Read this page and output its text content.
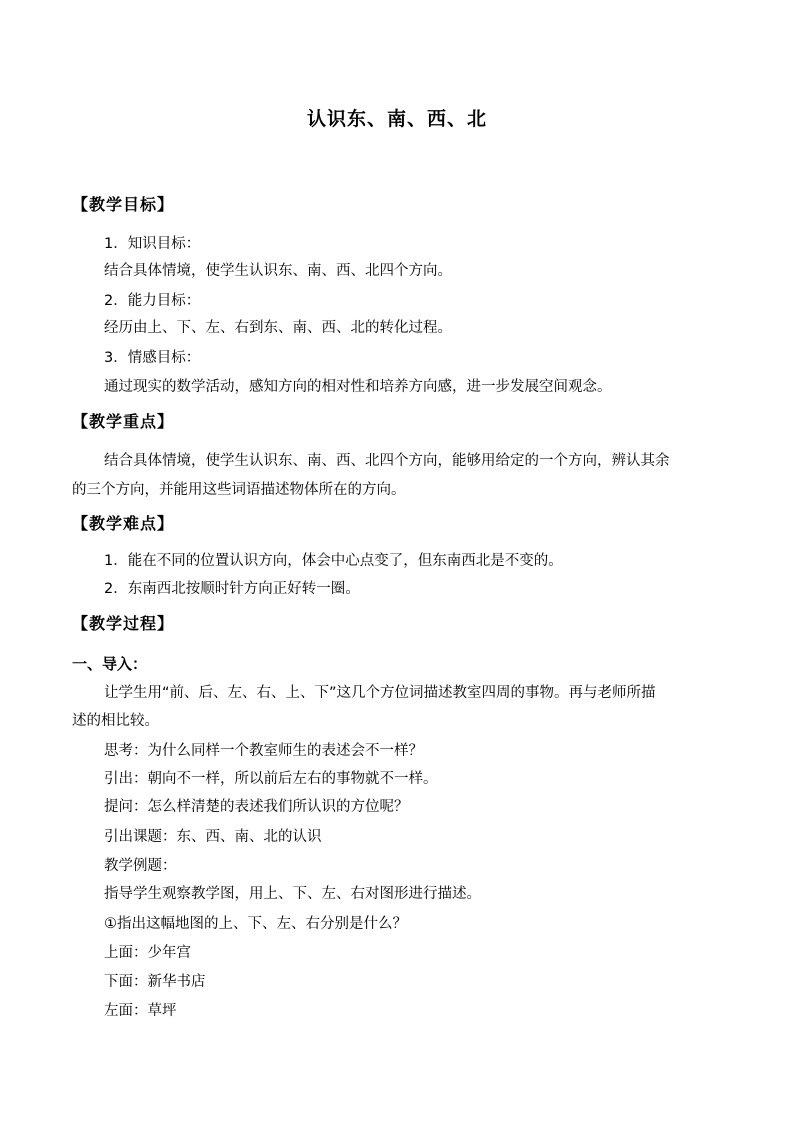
认识东、南、西、北
【教学目标】
1．知识目标：
结合具体情境，使学生认识东、南、西、北四个方向。
2．能力目标：
经历由上、下、左、右到东、南、西、北的转化过程。
3．情感目标：
通过现实的数学活动，感知方向的相对性和培养方向感，进一步发展空间观念。
【教学重点】
结合具体情境，使学生认识东、南、西、北四个方向，能够用给定的一个方向，辨认其余
的三个方向，并能用这些词语描述物体所在的方向。
【教学难点】
1．能在不同的位置认识方向，体会中心点变了，但东南西北是不变的。
2．东南西北按顺时针方向正好转一圈。
【教学过程】
一、导入：
让学生用“前、后、左、右、上、下”这几个方位词描述教室四周的事物。再与老师所描
述的相比较。
思考：为什么同样一个教室师生的表述会不一样？
引出：朝向不一样，所以前后左右的事物就不一样。
提问：怎么样清楚的表述我们所认识的方位呢？
引出课题：东、西、南、北的认识
教学例题：
指导学生观察教学图，用上、下、左、右对图形进行描述。
①指出这幅地图的上、下、左、右分别是什么？
上面：少年宫
下面：新华书店
左面：草坪
